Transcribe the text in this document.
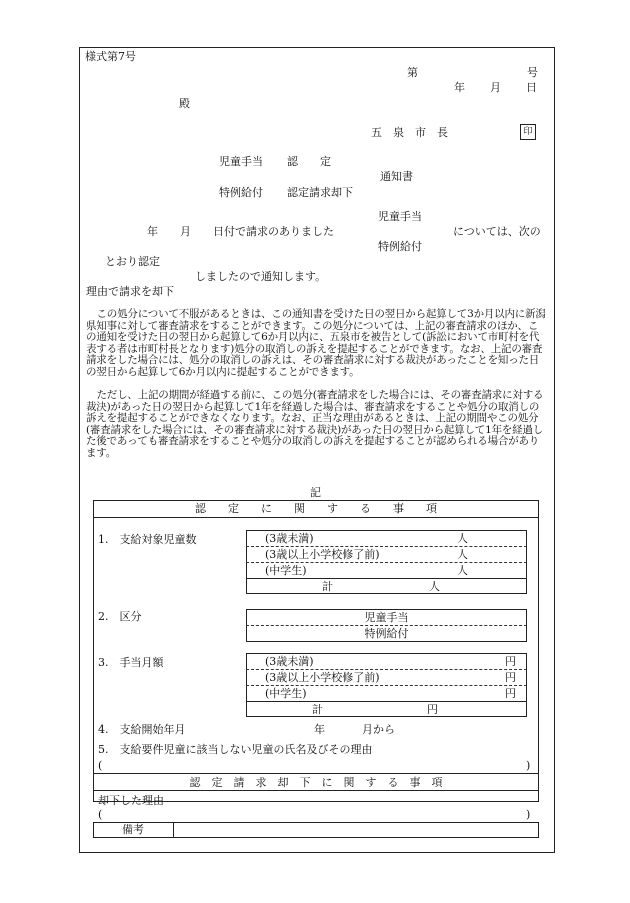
様式第7号
第	号
年 月 日
殿
五　泉　市　長	印
児童手当 認　　定
通知書
特例給付 認定請求却下
児童手当
年　　月　　日付で請求のありました	については、次の
特例給付
とおり認定
しましたので通知します。
理由で請求を却下

この処分について不服があるときは、この通知書を受けた日の翌日から起算して3か月以内に新潟県知事に対して審査請求をすることができます。この処分については、上記の審査請求のほか、この通知を受けた日の翌日から起算して6か月以内に、五泉市を被告として(訴訟において市町村を代表する者は市町村長となります)処分の取消しの訴えを提起することができます。なお、上記の審査請求をした場合には、処分の取消しの訴えは、その審査請求に対する裁決があったことを知った日の翌日から起算して6か月以内に提起することができます。

ただし、上記の期間が経過する前に、この処分(審査請求をした場合には、その審査請求に対する裁決)があった日の翌日から起算して1年を経過した場合は、審査請求をすることや処分の取消しの訴えを提起することができなくなります。なお、正当な理由があるときは、上記の期間やこの処分(審査請求をした場合には、その審査請求に対する裁決)があった日の翌日から起算して1年を経過した後であっても審査請求をすることや処分の取消しの訴えを提起することが認められる場合があります。

記
認　　定　　に　　関　　す　　る　　事　　項
1.　支給対象児童数	(3歳未満)	人
(3歳以上小学校修了前)	人
(中学生)	人
計	人
2.　区分	児童手当
特例給付
3.　手当月額	(3歳未満)	円
(3歳以上小学校修了前)	円
(中学生)	円
計	円
4.　支給開始年月	年	月から
5.　支給要件児童に該当しない児童の氏名及びその理由
(	)
認　定　請　求　却　下　に　関　す　る　事　項
却下した理由
(	)
備考
